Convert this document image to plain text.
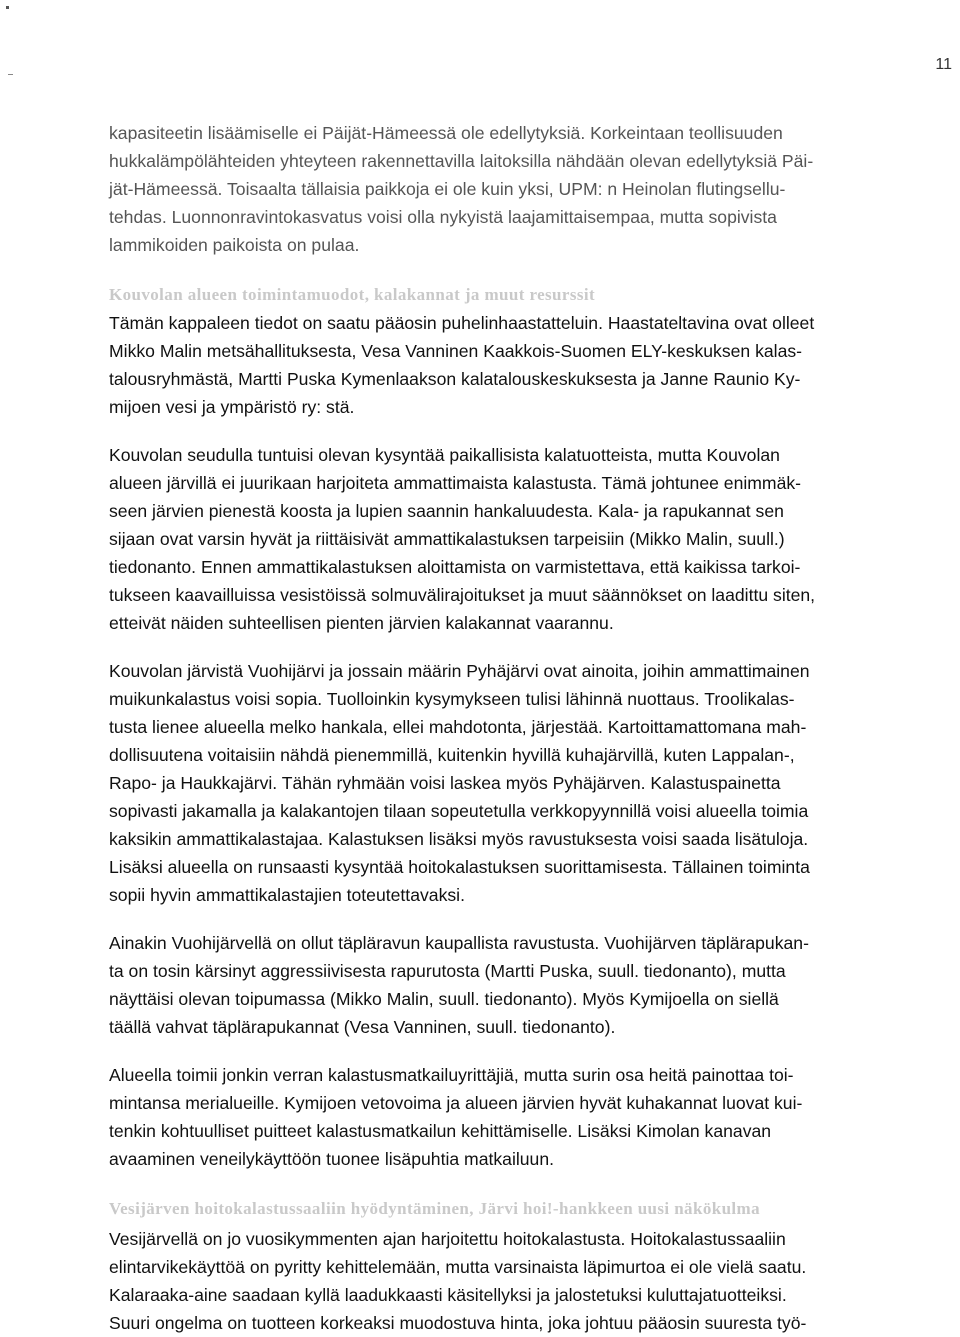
11

kapasiteetin lisäämiselle ei Päijät-Hämeessä ole edellytyksiä. Korkeintaan teollisuuden
hukkalämpölähteiden yhteyteen rakennettavilla laitoksilla nähdään olevan edellytyksiä Päi-
jät-Hämeessä. Toisaalta tällaisia paikkoja ei ole kuin yksi, UPM: n Heinolan flutingsellu-
tehdas. Luonnonravintokasvatus voisi olla nykyistä laajamittaisempaa, mutta sopivista
lammikoiden paikoista on pulaa.

Kouvolan alueen toimintamuodot, kalakannat ja muut resurssit

Tämän kappaleen tiedot on saatu pääosin puhelinhaastatteluin. Haastateltavina ovat olleet
Mikko Malin metsähallituksesta, Vesa Vanninen Kaakkois-Suomen ELY-keskuksen kalas-
talousryhmästä, Martti Puska Kymenlaakson kalatalouskeskuksesta ja Janne Raunio Ky-
mijoen vesi ja ympäristö ry: stä.

Kouvolan seudulla tuntuisi olevan kysyntää paikallisista kalatuotteista, mutta Kouvolan
alueen järvillä ei juurikaan harjoiteta ammattimaista kalastusta. Tämä johtunee enimmäk-
seen järvien pienestä koosta ja lupien saannin hankaluudesta. Kala- ja rapukannat sen
sijaan ovat varsin hyvät ja riittäisivät ammattikalastuksen tarpeisiin (Mikko Malin, suull.)
tiedonanto. Ennen ammattikalastuksen aloittamista on varmistettava, että kaikissa tarkoi-
tukseen kaavailluissa vesistöissä solmuvälirajoitukset ja muut säännökset on laadittu siten,
etteivät näiden suhteellisen pienten järvien kalakannat vaarannu.

Kouvolan järvistä Vuohijärvi ja jossain määrin Pyhäjärvi ovat ainoita, joihin ammattimainen
muikunkalastus voisi sopia. Tuolloinkin kysymykseen tulisi lähinnä nuottaus. Troolikalas-
tusta lienee alueella melko hankala, ellei mahdotonta, järjestää. Kartoittamattomana mah-
dollisuutena voitaisiin nähdä pienemmillä, kuitenkin hyvillä kuhajärvillä, kuten Lappalan-,
Rapo- ja Haukkajärvi. Tähän ryhmään voisi laskea myös Pyhäjärven. Kalastuspainetta
sopivasti jakamalla ja kalakantojen tilaan sopeutetulla verkkopyynnillä voisi alueella toimia
kaksikin ammattikalastajaa. Kalastuksen lisäksi myös ravustuksesta voisi saada lisätuloja.
Lisäksi alueella on runsaasti kysyntää hoitokalastuksen suorittamisesta. Tällainen toiminta
sopii hyvin ammattikalastajien toteutettavaksi.

Ainakin Vuohijärvellä on ollut täpläravun kaupallista ravustusta. Vuohijärven täplärapukan-
ta on tosin kärsinyt aggressiivisesta rapurutosta (Martti Puska, suull. tiedonanto), mutta
näyttäisi olevan toipumassa (Mikko Malin, suull. tiedonanto). Myös Kymijoella on siellä
täällä vahvat täplärapukannat (Vesa Vanninen, suull. tiedonanto).

Alueella toimii jonkin verran kalastusmatkailuyrittäjiä, mutta surin osa heitä painottaa toi-
mintansa merialueille. Kymijoen vetovoima ja alueen järvien hyvät kuhakannat luovat kui-
tenkin kohtuulliset puitteet kalastusmatkailun kehittämiselle. Lisäksi Kimolan kanavan
avaaminen veneilykäyttöön tuonee lisäpuhtia matkailuun.

Vesijärven hoitokalastussaaliin hyödyntäminen, Järvi hoi!-hankkeen uusi näkökulma

Vesijärvellä on jo vuosikymmenten ajan harjoitettu hoitokalastusta. Hoitokalastussaaliin
elintarvikekäyttöä on pyritty kehittelemään, mutta varsinaista läpimurtoa ei ole vielä saatu.
Kalaraaka-aine saadaan kyllä laadukkaasti käsitellyksi ja jalostetuksi kuluttajatuotteiksi.
Suuri ongelma on tuotteen korkeaksi muodostuva hinta, joka johtuu pääosin suuresta työ-
